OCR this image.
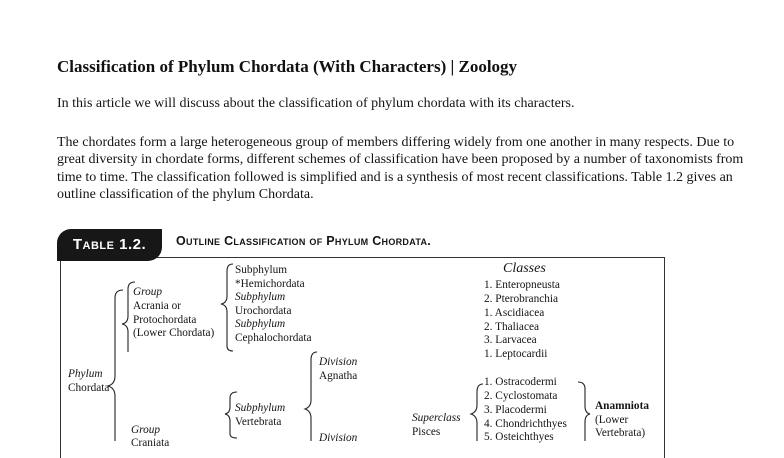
Classification of Phylum Chordata (With Characters) | Zoology

In this article we will discuss about the classification of phylum chordata with its characters.

The chordates form a large heterogeneous group of members differing widely from one another in many respects. Due to great diversity in chordate forms, different schemes of classification have been proposed by a number of taxonomists from time to time. The classification followed is simplified and is a synthesis of most recent classifications. Table 1.2 gives an outline classification of the phylum Chordata.

Table 1.2.	Outline Classification of Phylum Chordata.
Phylum
Chordata
Group
Acrania or
Protochordata
(Lower Chordata)
Subphylum
*Hemichordata
Subphylum
Urochordata
Subphylum
Cephalochordata
Classes
1. Enteropneusta
2. Pterobranchia
1. Ascidiacea
2. Thaliacea
3. Larvacea
1. Leptocardii
Division
Agnatha
Subphylum
Vertebrata
Group
Craniata	Division
Superclass
Pisces
1. Ostracodermi
2. Cyclostomata
3. Placodermi
4. Chondrichthyes
5. Osteichthyes
Anamniota
(Lower
Vertebrata)
